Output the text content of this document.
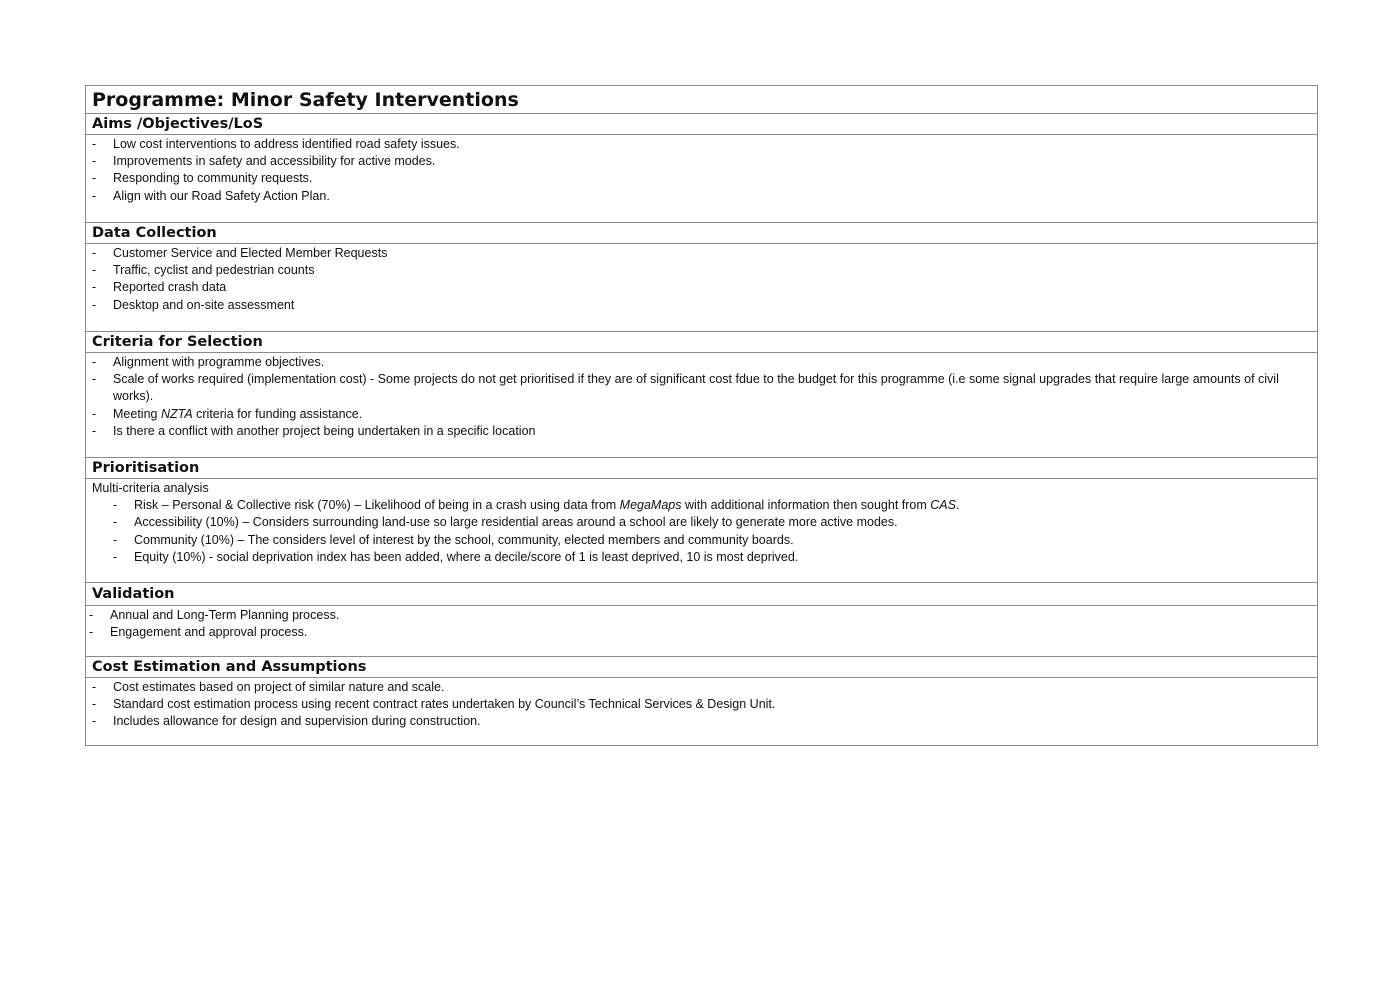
Programme: Minor Safety Interventions
Aims /Objectives/LoS
- Low cost interventions to address identified road safety issues.
- Improvements in safety and accessibility for active modes.
- Responding to community requests.
- Align with our Road Safety Action Plan.
Data Collection
- Customer Service and Elected Member Requests
- Traffic, cyclist and pedestrian counts
- Reported crash data
- Desktop and on-site assessment
Criteria for Selection
- Alignment with programme objectives.
- Scale of works required (implementation cost) - Some projects do not get prioritised if they are of significant cost fdue to the budget for this programme (i.e some signal upgrades that require large amounts of civil works).
- Meeting NZTA criteria for funding assistance.
- Is there a conflict with another project being undertaken in a specific location
Prioritisation
Multi-criteria analysis
- Risk – Personal & Collective risk (70%) – Likelihood of being in a crash using data from MegaMaps with additional information then sought from CAS.
- Accessibility (10%) – Considers surrounding land-use so large residential areas around a school are likely to generate more active modes.
- Community (10%) – The considers level of interest by the school, community, elected members and community boards.
- Equity (10%) - social deprivation index has been added, where a decile/score of 1 is least deprived, 10 is most deprived.
Validation
- Annual and Long-Term Planning process.
- Engagement and approval process.
Cost Estimation and Assumptions
- Cost estimates based on project of similar nature and scale.
- Standard cost estimation process using recent contract rates undertaken by Council’s Technical Services & Design Unit.
- Includes allowance for design and supervision during construction.
